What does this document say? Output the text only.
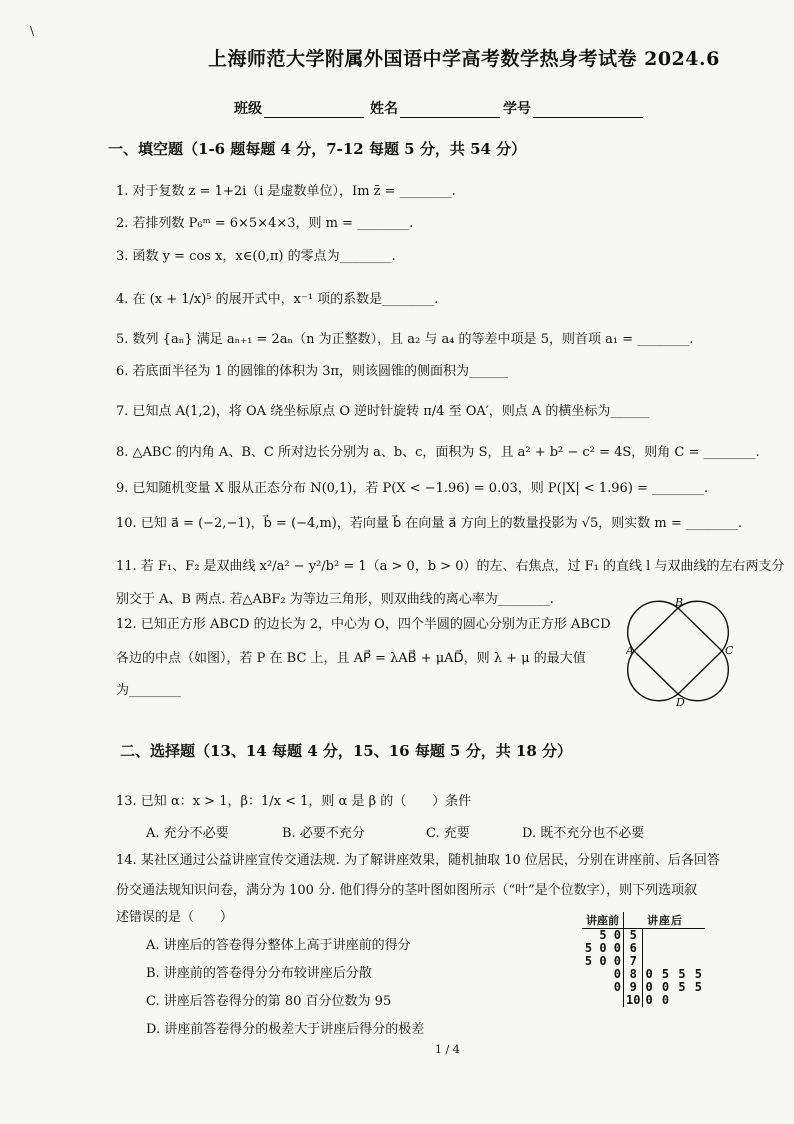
\
上海师范大学附属外国语中学高考数学热身考试卷 2024.6
班级	姓名	学号
一、填空题（1-6 题每题 4 分，7-12 每题 5 分，共 54 分）
1. 对于复数 z = 1+2i（i 是虚数单位），Im z̄ = ________.
2. 若排列数 P₆ᵐ = 6×5×4×3，则 m = ________.
3. 函数 y = cos x，x∈(0,π) 的零点为________.
4. 在 (x + 1/x)⁵ 的展开式中，x⁻¹ 项的系数是________.
5. 数列 {aₙ} 满足 aₙ₊₁ = 2aₙ（n 为正整数），且 a₂ 与 a₄ 的等差中项是 5，则首项 a₁ = ________.
6. 若底面半径为 1 的圆锥的体积为 3π，则该圆锥的侧面积为______
7. 已知点 A(1,2)，将 OA 绕坐标原点 O 逆时针旋转 π/4 至 OA′，则点 A 的横坐标为______
8. △ABC 的内角 A、B、C 所对边长分别为 a、b、c，面积为 S，且 a² + b² − c² = 4S，则角 C = ________.
9. 已知随机变量 X 服从正态分布 N(0,1)，若 P(X < −1.96) = 0.03，则 P(|X| < 1.96) = ________.
10. 已知 a⃗ = (−2,−1)，b⃗ = (−4,m)，若向量 b⃗ 在向量 a⃗ 方向上的数量投影为 √5，则实数 m = ________.
11. 若 F₁、F₂ 是双曲线 x²/a² − y²/b² = 1（a > 0，b > 0）的左、右焦点，过 F₁ 的直线 l 与双曲线的左右两支分
别交于 A、B 两点. 若△ABF₂ 为等边三角形，则双曲线的离心率为________.
12. 已知正方形 ABCD 的边长为 2，中心为 O，四个半圆的圆心分别为正方形 ABCD
各边的中点（如图），若 P 在 BC 上，且 AP⃗ = λAB⃗ + μAD⃗，则 λ + μ 的最大值
为________
B
C
D
A
二、选择题（13、14 每题 4 分，15、16 每题 5 分，共 18 分）
13. 已知 α：x > 1，β：1/x < 1，则 α 是 β 的（　　）条件
A. 充分不必要	B. 必要不充分	C. 充要	D. 既不充分也不必要
14. 某社区通过公益讲座宣传交通法规. 为了解讲座效果，随机抽取 10 位居民，分别在讲座前、后各回答
份交通法规知识问卷，满分为 100 分. 他们得分的茎叶图如图所示（“叶”是个位数字），则下列选项叙
述错误的是（　　）
A. 讲座后的答卷得分整体上高于讲座前的得分
B. 讲座前的答卷得分分布较讲座后分散
C. 讲座后答卷得分的第 80 百分位数为 95
D. 讲座前答卷得分的极差大于讲座后得分的极差
讲座前		讲座后
5 0	5	
5 0 0	6	
5 0 0	7	
0	8	0 5 5 5
0	9	0 0 5 5
	10	0 0
1 / 4
